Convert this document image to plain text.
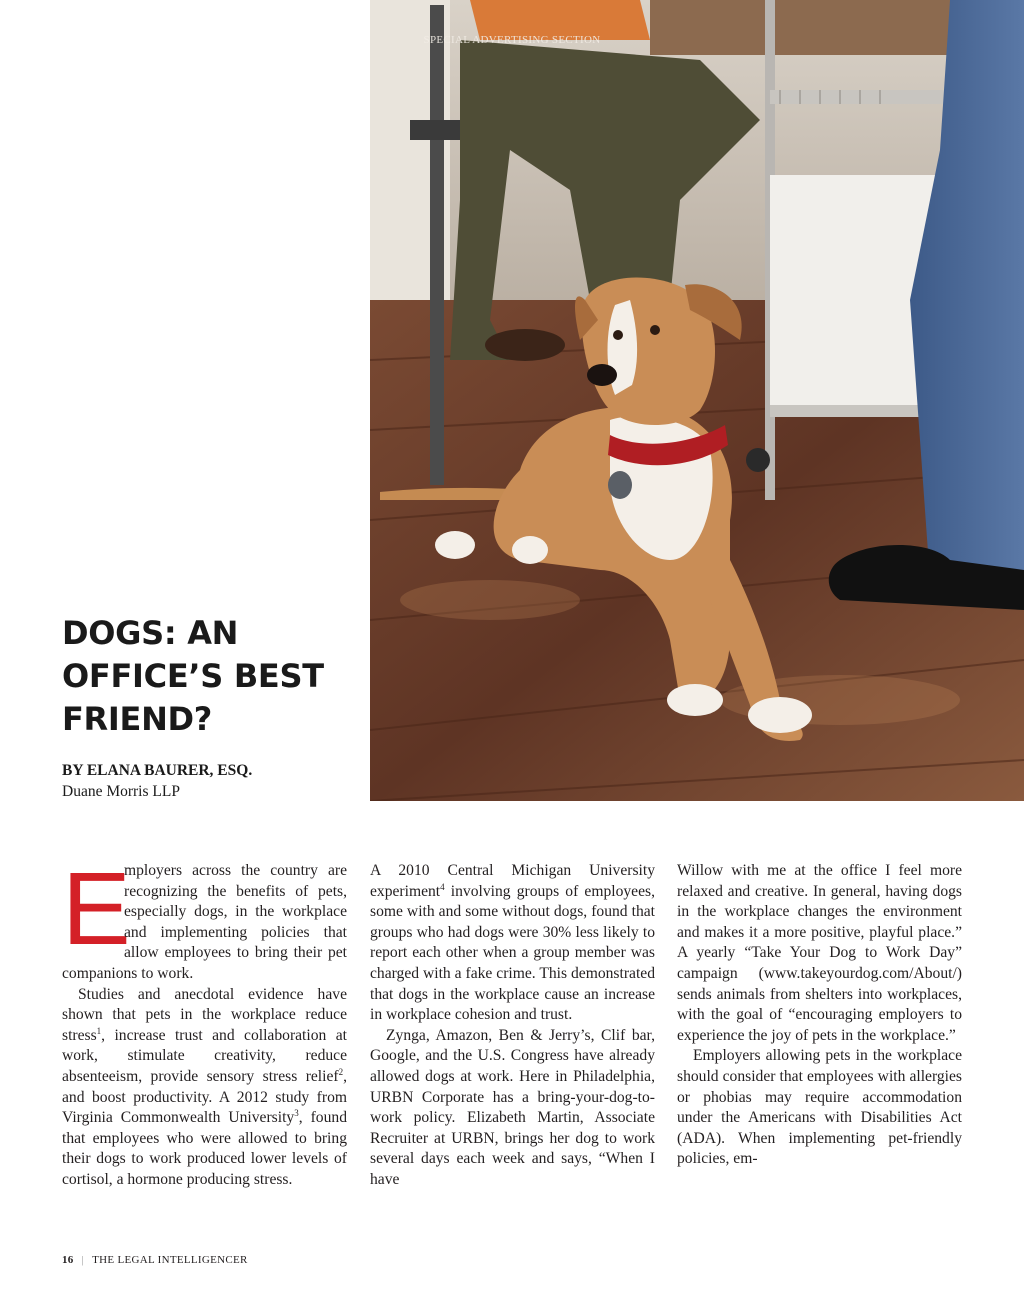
SPECIAL ADVERTISING SECTION
DOGS: AN
OFFICE’S BEST
FRIEND?
BY ELANA BAURER, ESQ.
Duane Morris LLP

E
mployers across the country are recognizing the benefits of pets, especially dogs, in the workplace and implementing policies that allow employees to bring their pet companions to work.

Studies and anecdotal evidence have shown that pets in the workplace reduce stress$^1$, increase trust and collaboration at work, stimulate creativity, reduce absenteeism, provide sensory stress relief$^2$, and boost productivity. A 2012 study from Virginia Commonwealth University$^3$, found that employees who were allowed to bring their dogs to work produced lower levels of cortisol, a hormone producing stress.

A 2010 Central Michigan University experiment$^4$ involving groups of employees, some with and some without dogs, found that groups who had dogs were 30% less likely to report each other when a group member was charged with a fake crime. This demonstrated that dogs in the workplace cause an increase in workplace cohesion and trust.

Zynga, Amazon, Ben & Jerry’s, Clif bar, Google, and the U.S. Congress have already allowed dogs at work. Here in Philadelphia, URBN Corporate has a bring-your-dog-to-work policy. Elizabeth Martin, Associate Recruiter at URBN, brings her dog to work several days each week and says, “When I have

Willow with me at the office I feel more relaxed and creative. In general, having dogs in the workplace changes the environment and makes it a more positive, playful place.” A yearly “Take Your Dog to Work Day” campaign (www.takeyourdog.com/About/) sends animals from shelters into workplaces, with the goal of “encouraging employers to experience the joy of pets in the workplace.”

Employers allowing pets in the workplace should consider that employees with allergies or phobias may require accommodation under the Americans with Disabilities Act (ADA). When implementing pet-friendly policies, em-

16 | THE LEGAL INTELLIGENCER
